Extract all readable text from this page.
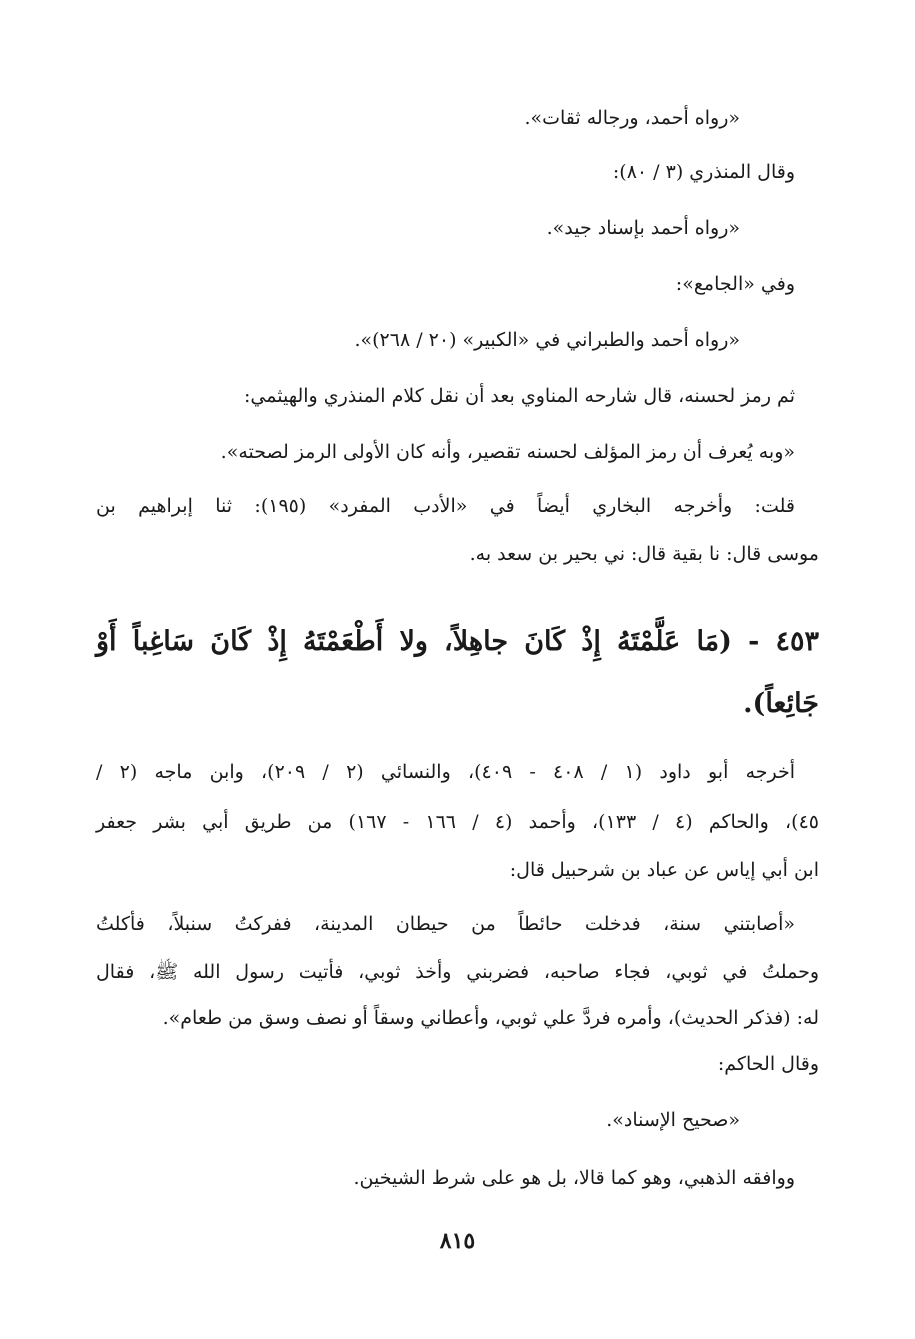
«رواه أحمد، ورجاله ثقات».
وقال المنذري (٣ / ٨٠):
«رواه أحمد بإسناد جيد».
وفي «الجامع»:
«رواه أحمد والطبراني في «الكبير» (٢٠ / ٢٦٨)».
ثم رمز لحسنه، قال شارحه المناوي بعد أن نقل كلام المنذري والهيثمي:
«وبه يُعرف أن رمز المؤلف لحسنه تقصير، وأنه كان الأولى الرمز لصحته».
قلت: وأخرجه البخاري أيضاً في «الأدب المفرد» (١٩٥): ثنا إبراهيم بن
موسى قال: نا بقية قال: ني بحير بن سعد به.
٤٥٣ - (مَا عَلَّمْتَهُ إِذْ كَانَ جاهِلاً، ولا أَطْعَمْتَهُ إِذْ كَانَ سَاغِباً أَوْ
جَائِعاً).
أخرجه أبو داود (١ / ٤٠٨ - ٤٠٩)، والنسائي (٢ / ٢٠٩)، وابن ماجه (٢ /
٤٥)، والحاكم (٤ / ١٣٣)، وأحمد (٤ / ١٦٦ - ١٦٧) من طريق أبي بشر جعفر
ابن أبي إياس عن عباد بن شرحبيل قال:
«أصابتني سنة، فدخلت حائطاً من حيطان المدينة، ففركتُ سنبلاً، فأكلتُ
وحملتُ في ثوبي، فجاء صاحبه، فضربني وأخذ ثوبي، فأتيت رسول الله ﷺ، فقال
له: (فذكر الحديث)، وأمره فردَّ علي ثوبي، وأعطاني وسقاً أو نصف وسق من طعام».
وقال الحاكم:
«صحيح الإسناد».
ووافقه الذهبي، وهو كما قالا، بل هو على شرط الشيخين.
٨١٥
